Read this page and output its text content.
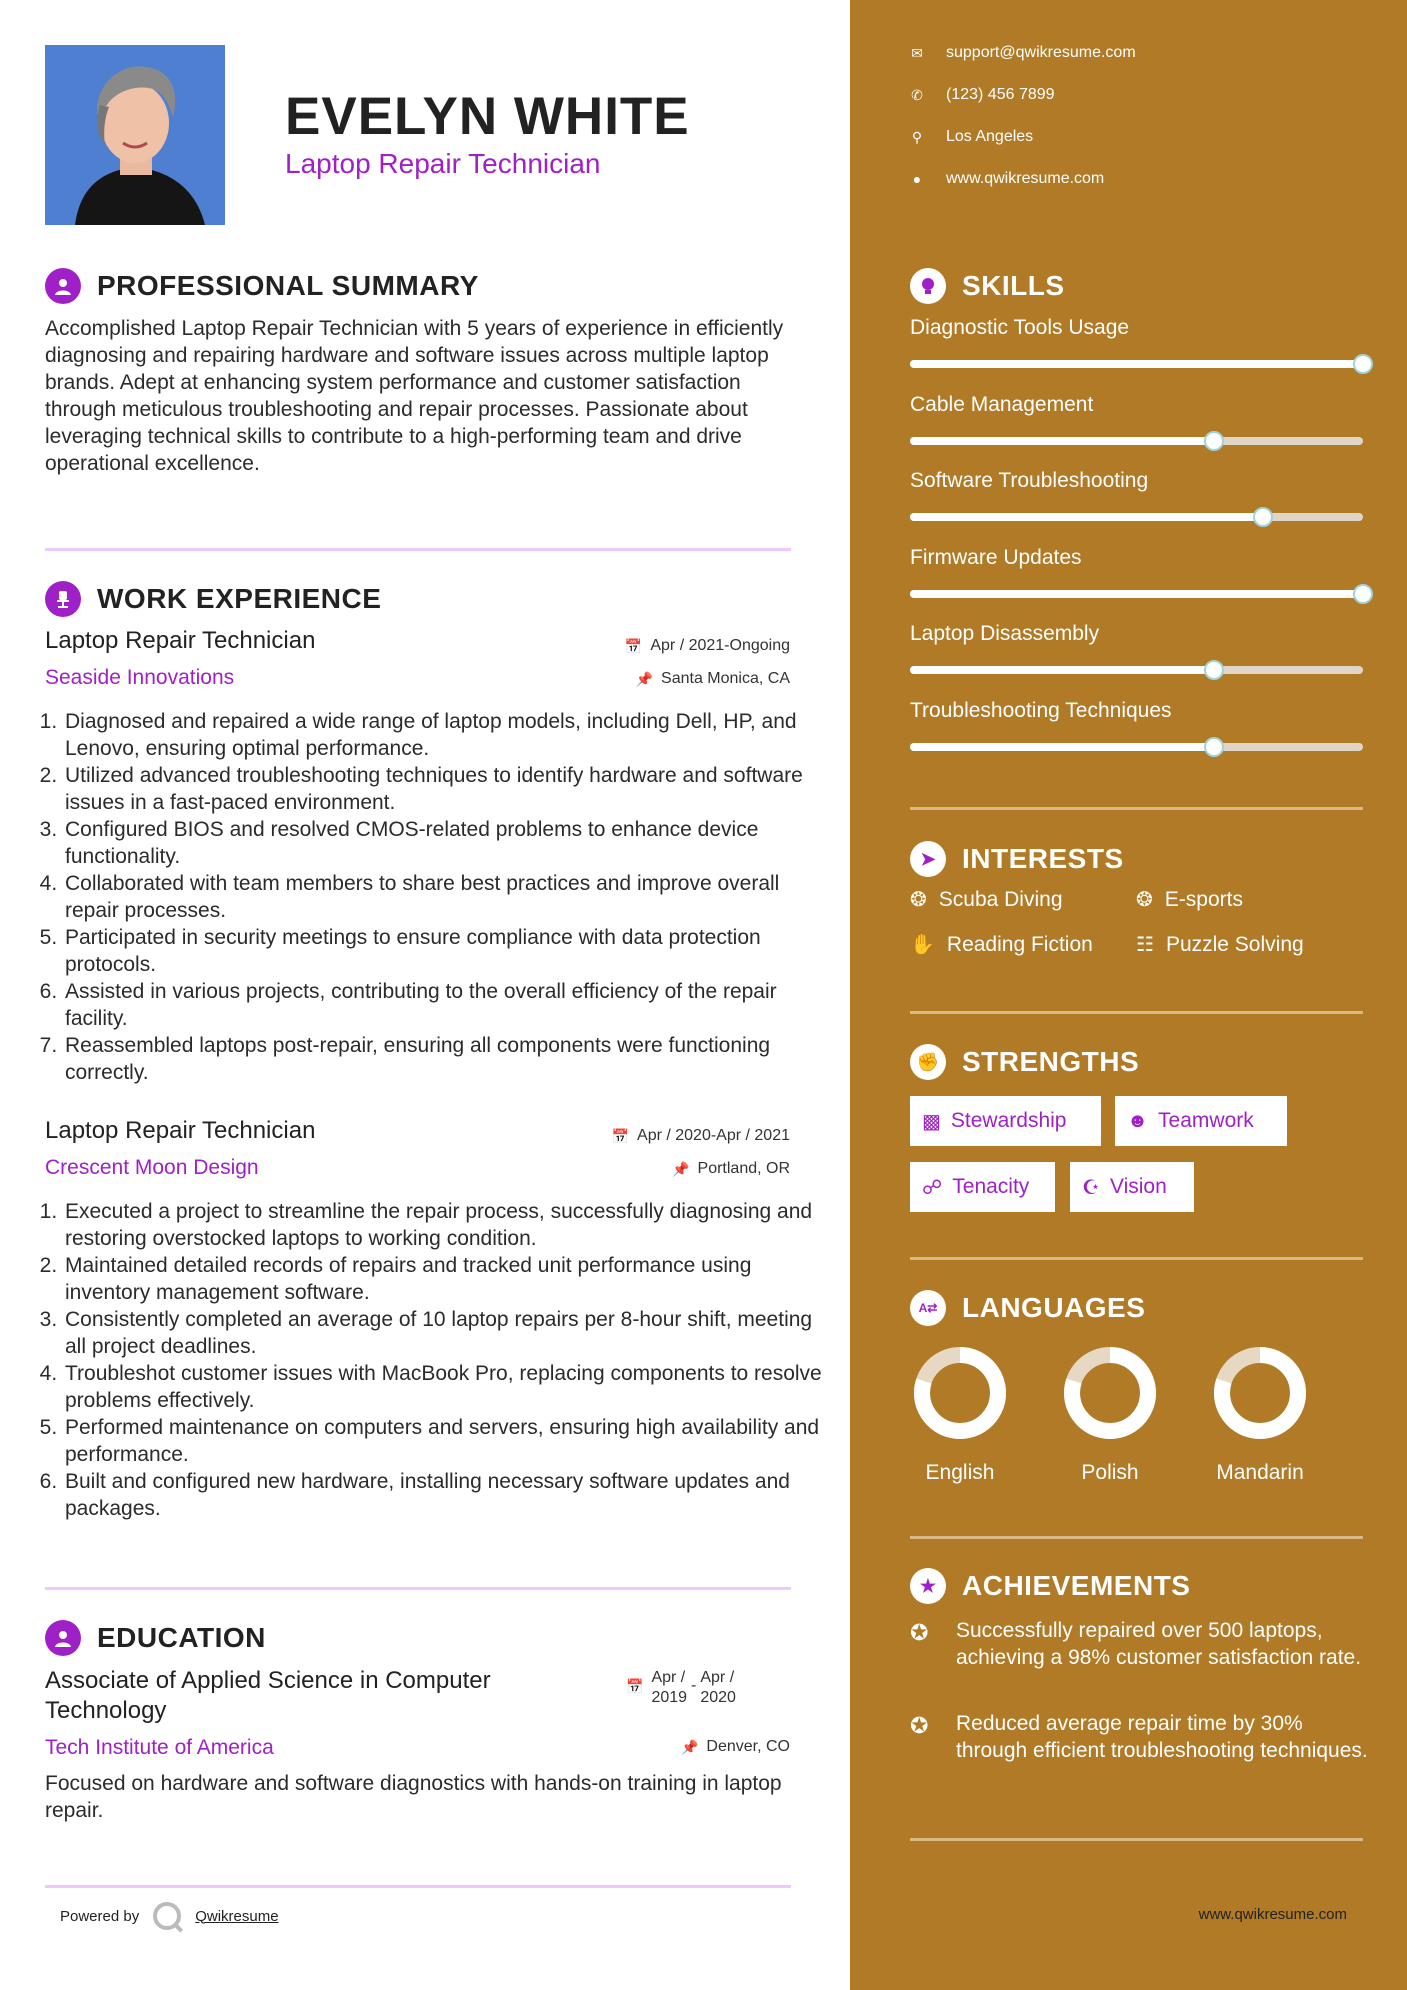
EVELYN WHITE
Laptop Repair Technician
PROFESSIONAL SUMMARY
Accomplished Laptop Repair Technician with 5 years of experience in efficiently diagnosing and repairing hardware and software issues across multiple laptop brands. Adept at enhancing system performance and customer satisfaction through meticulous troubleshooting and repair processes. Passionate about leveraging technical skills to contribute to a high-performing team and drive operational excellence.
WORK EXPERIENCE
Laptop Repair Technician	📅 Apr / 2021-Ongoing
Seaside Innovations	📌 Santa Monica, CA
1. Diagnosed and repaired a wide range of laptop models, including Dell, HP, and Lenovo, ensuring optimal performance.
2. Utilized advanced troubleshooting techniques to identify hardware and software issues in a fast-paced environment.
3. Configured BIOS and resolved CMOS-related problems to enhance device functionality.
4. Collaborated with team members to share best practices and improve overall repair processes.
5. Participated in security meetings to ensure compliance with data protection protocols.
6. Assisted in various projects, contributing to the overall efficiency of the repair facility.
7. Reassembled laptops post-repair, ensuring all components were functioning correctly.
Laptop Repair Technician	📅 Apr / 2020-Apr / 2021
Crescent Moon Design	📌 Portland, OR
1. Executed a project to streamline the repair process, successfully diagnosing and restoring overstocked laptops to working condition.
2. Maintained detailed records of repairs and tracked unit performance using inventory management software.
3. Consistently completed an average of 10 laptop repairs per 8-hour shift, meeting all project deadlines.
4. Troubleshot customer issues with MacBook Pro, replacing components to resolve problems effectively.
5. Performed maintenance on computers and servers, ensuring high availability and performance.
6. Built and configured new hardware, installing necessary software updates and packages.
EDUCATION
Associate of Applied Science in Computer
Technology
📅 Apr /
2019
- Apr /
2020
Tech Institute of America	📌 Denver, CO
Focused on hardware and software diagnostics with hands-on training in laptop repair.
Powered by	Qwikresume
✉ support@qwikresume.com
✆ (123) 456 7899
⚲ Los Angeles
● www.qwikresume.com
SKILLS
Diagnostic Tools Usage
Cable Management
Software Troubleshooting
Firmware Updates
Laptop Disassembly
Troubleshooting Techniques
➤ INTERESTS
❂ Scuba Diving	❂ E-sports
✋ Reading Fiction ☷ Puzzle Solving
✊ STRENGTHS
▩ Stewardship	☻ Teamwork
☍ Tenacity	☪ Vision
A⇄ LANGUAGES
English	Polish	Mandarin
★ ACHIEVEMENTS
✪	Successfully repaired over 500 laptops, achieving a 98% customer satisfaction rate.
✪	Reduced average repair time by 30% through efficient troubleshooting techniques.
www.qwikresume.com
